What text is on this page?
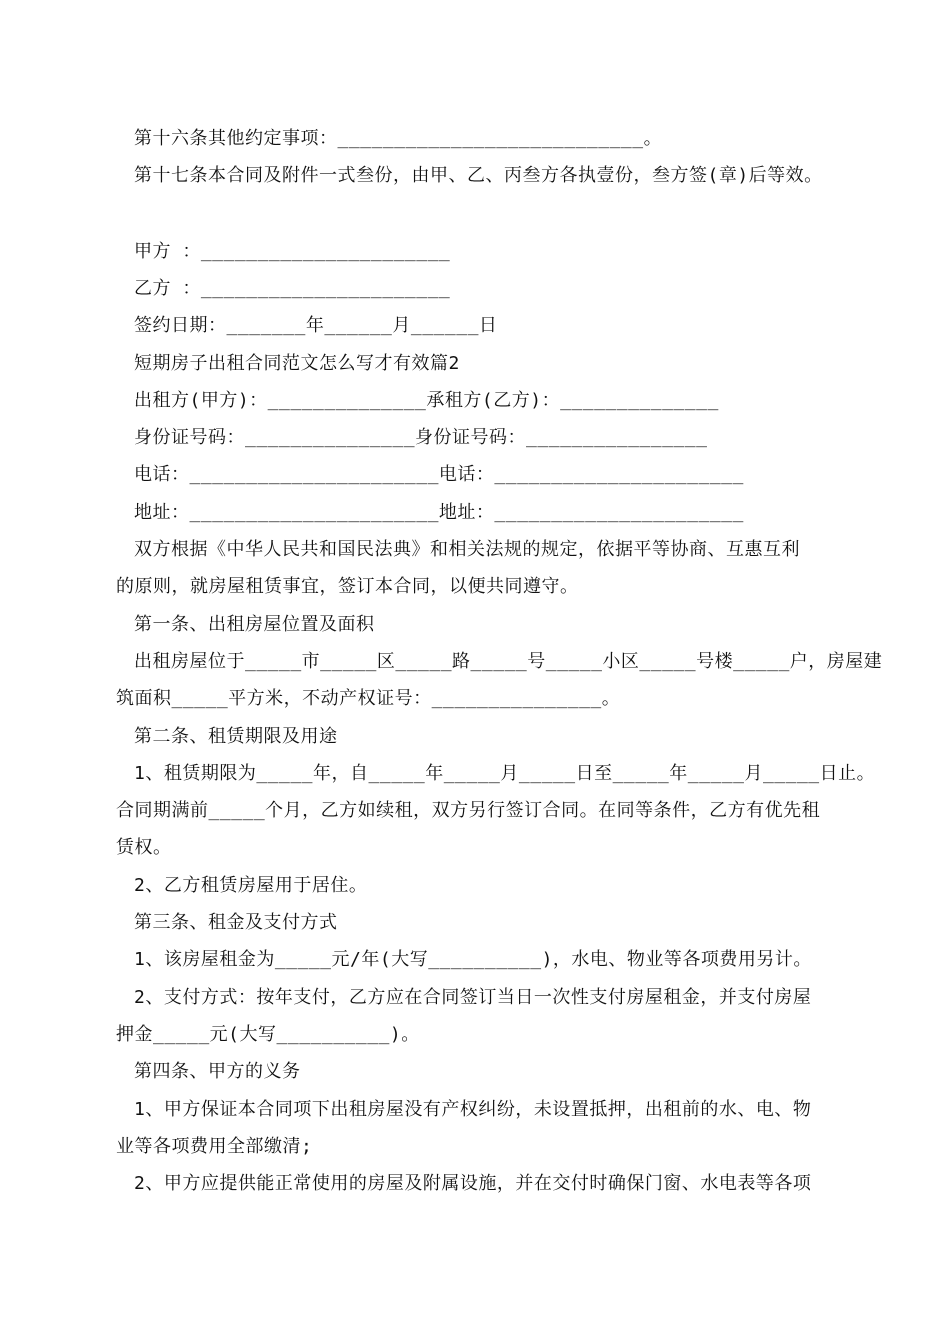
第十六条其他约定事项：___________________________。
第十七条本合同及附件一式叁份，由甲、乙、丙叁方各执壹份，叁方签(章)后等效。
甲方 ：______________________
乙方 ：______________________
签约日期：_______年______月______日
短期房子出租合同范文怎么写才有效篇2
出租方(甲方)：______________承租方(乙方)：______________
身份证号码：_______________身份证号码：________________
电话：______________________电话：______________________
地址：______________________地址：______________________
双方根据《中华人民共和国民法典》和相关法规的规定，依据平等协商、互惠互利
的原则，就房屋租赁事宜，签订本合同，以便共同遵守。
第一条、出租房屋位置及面积
出租房屋位于_____市_____区_____路_____号_____小区_____号楼_____户，房屋建
筑面积_____平方米，不动产权证号：_______________。
第二条、租赁期限及用途
1、租赁期限为_____年，自_____年_____月_____日至_____年_____月_____日止。
合同期满前_____个月，乙方如续租，双方另行签订合同。在同等条件，乙方有优先租
赁权。
2、乙方租赁房屋用于居住。
第三条、租金及支付方式
1、该房屋租金为_____元/年(大写__________)，水电、物业等各项费用另计。
2、支付方式：按年支付，乙方应在合同签订当日一次性支付房屋租金，并支付房屋
押金_____元(大写__________)。
第四条、甲方的义务
1、甲方保证本合同项下出租房屋没有产权纠纷，未设置抵押，出租前的水、电、物
业等各项费用全部缴清;
2、甲方应提供能正常使用的房屋及附属设施，并在交付时确保门窗、水电表等各项
